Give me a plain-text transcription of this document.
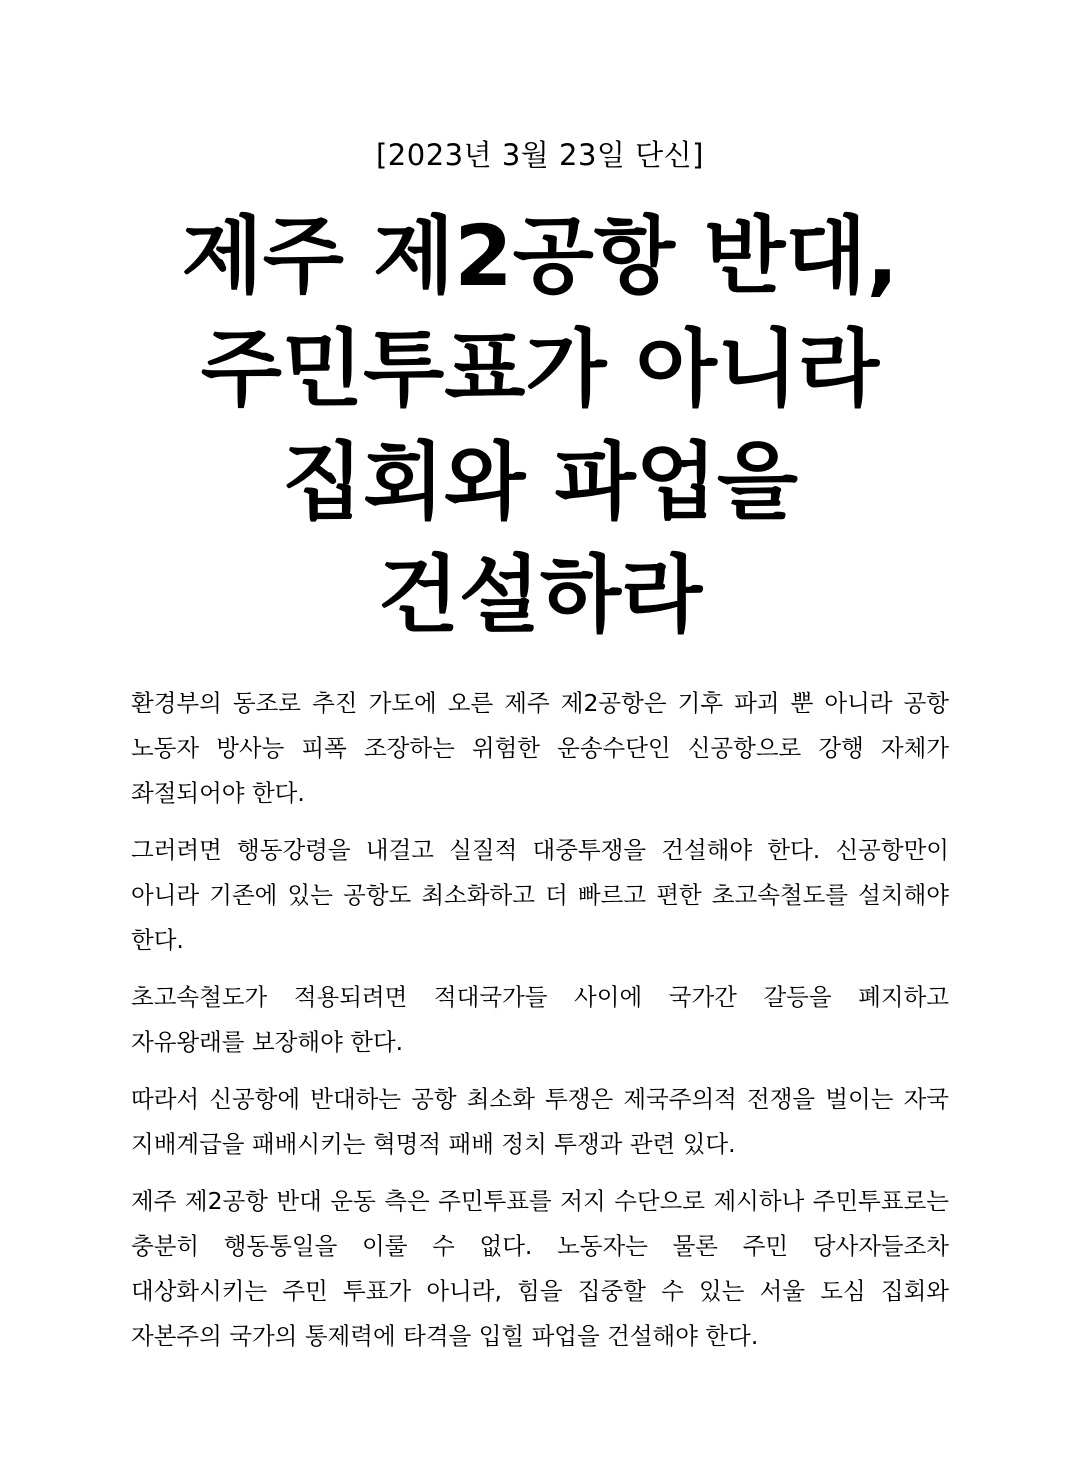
[2023년 3월 23일 단신]
제주 제2공항 반대,
주민투표가 아니라
집회와 파업을
건설하라

환경부의 동조로 추진 가도에 오른 제주 제2공항은 기후 파괴 뿐 아니라 공항 노동자 방사능 피폭 조장하는 위험한 운송수단인 신공항으로 강행 자체가 좌절되어야 한다.

그러려면 행동강령을 내걸고 실질적 대중투쟁을 건설해야 한다. 신공항만이 아니라 기존에 있는 공항도 최소화하고 더 빠르고 편한 초고속철도를 설치해야 한다.

초고속철도가 적용되려면 적대국가들 사이에 국가간 갈등을 폐지하고 자유왕래를 보장해야 한다.

따라서 신공항에 반대하는 공항 최소화 투쟁은 제국주의적 전쟁을 벌이는 자국 지배계급을 패배시키는 혁명적 패배 정치 투쟁과 관련 있다.

제주 제2공항 반대 운동 측은 주민투표를 저지 수단으로 제시하나 주민투표로는 충분히 행동통일을 이룰 수 없다. 노동자는 물론 주민 당사자들조차 대상화시키는 주민 투표가 아니라, 힘을 집중할 수 있는 서울 도심 집회와 자본주의 국가의 통제력에 타격을 입힐 파업을 건설해야 한다.
